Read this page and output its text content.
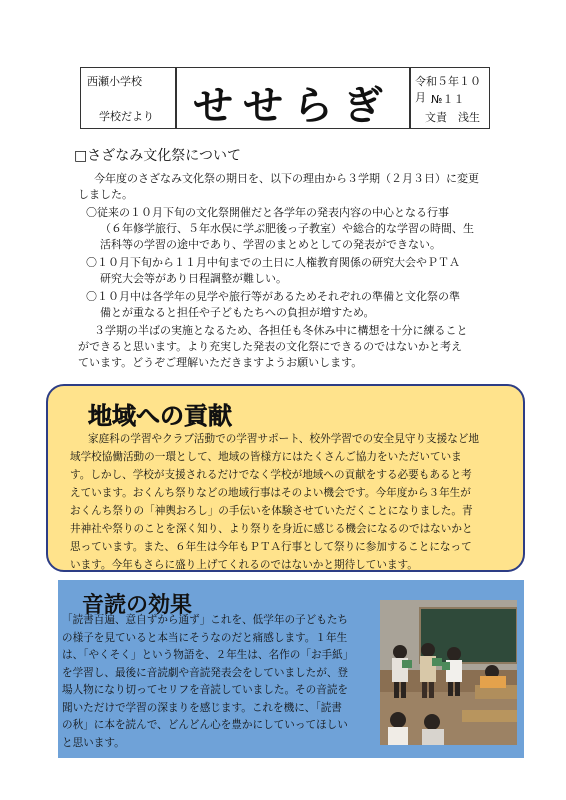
西瀬小学校
学校だより せせらぎ
令和５年１０月 №１１
文責　浅生
□さざなみ文化祭について
今年度のさざなみ文化祭の期日を、以下の理由から３学期（２月３日）に変更
しました。
〇従来の１０月下旬の文化祭開催だと各学年の発表内容の中心となる行事
（６年修学旅行、５年水俣に学ぶ肥後っ子教室）や総合的な学習の時間、生
活科等の学習の途中であり、学習のまとめとしての発表ができない。
〇１０月下旬から１１月中旬までの土日に人権教育関係の研究大会やＰＴＡ
研究大会等があり日程調整が難しい。
〇１０月中は各学年の見学や旅行等があるためそれぞれの準備と文化祭の準
備とが重なると担任や子どもたちへの負担が増すため。
３学期の半ばの実施となるため、各担任も冬休み中に構想を十分に練ること
ができると思います。より充実した発表の文化祭にできるのではないかと考え
ています。どうぞご理解いただきますようお願いします。
地域への貢献
家庭科の学習やクラブ活動での学習サポート、校外学習での安全見守り支援など地
域学校協働活動の一環として、地域の皆様方にはたくさんご協力をいただいていま
す。しかし、学校が支援されるだけでなく学校が地域への貢献をする必要もあると考
えています。おくんち祭りなどの地域行事はそのよい機会です。今年度から３年生が
おくんち祭りの「神輿おろし」の手伝いを体験させていただくことになりました。青
井神社や祭りのことを深く知り、より祭りを身近に感じる機会になるのではないかと
思っています。また、６年生は今年もＰＴＡ行事として祭りに参加することになって
います。今年もさらに盛り上げてくれるのではないかと期待しています。
音読の効果
「読書百遍、意自ずから通ず」これを、低学年の子どもたち
の様子を見ていると本当にそうなのだと痛感します。１年生
は、「やくそく」という物語を、２年生は、名作の「お手紙」
を学習し、最後に音読劇や音読発表会をしていましたが、登
場人物になり切ってセリフを音読していました。その音読を
聞いただけで学習の深まりを感じます。これを機に、「読書
の秋」に本を読んで、どんどん心を豊かにしていってほしい
と思います。
